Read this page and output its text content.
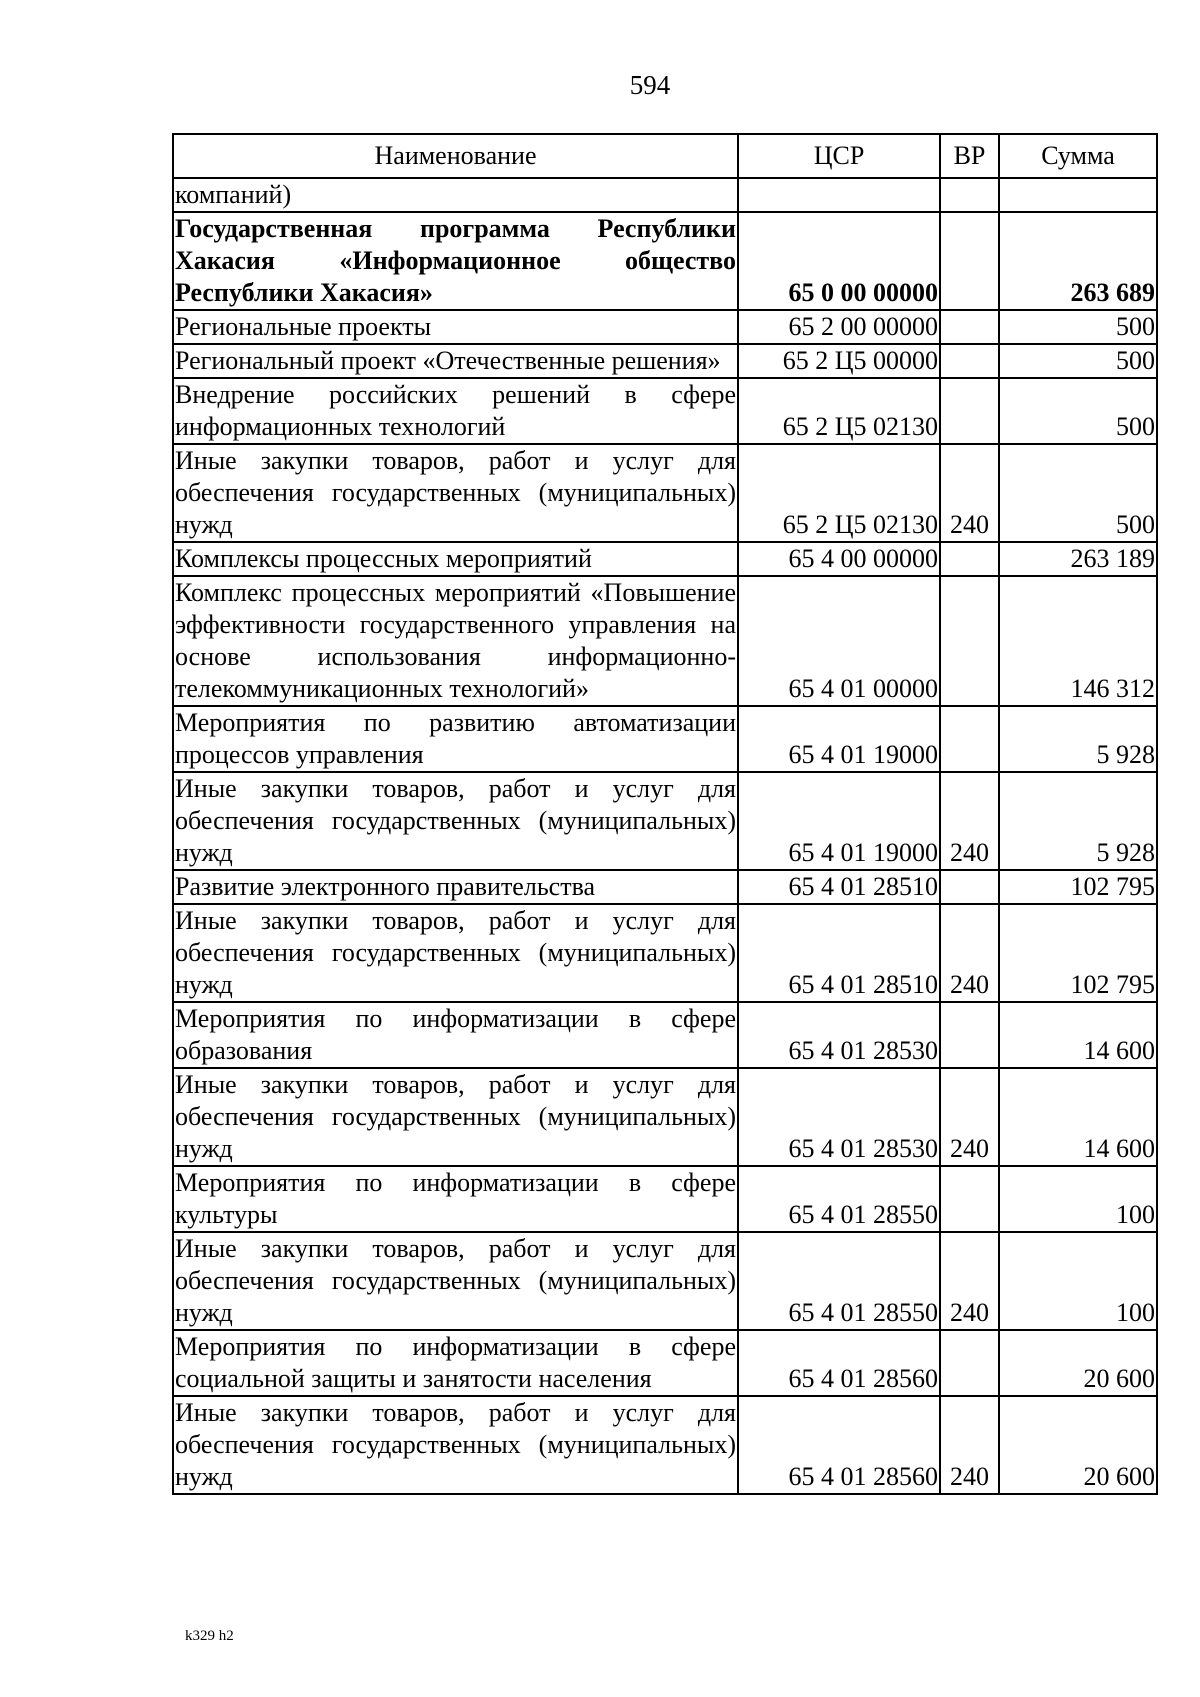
594
Наименование	ЦСР	ВР	Сумма
компаний)			
Государственная программа Республики Хакасия «Информационное общество Республики Хакасия»	65 0 00 00000		263 689
Региональные проекты	65 2 00 00000		500
Региональный проект «Отечественные решения»	65 2 Ц5 00000		500
Внедрение российских решений в сфере информационных технологий	65 2 Ц5 02130		500
Иные закупки товаров, работ и услуг для обеспечения государственных (муниципальных) нужд	65 2 Ц5 02130	240	500
Комплексы процессных мероприятий	65 4 00 00000		263 189
Комплекс процессных мероприятий «Повышение эффективности государственного управления на основе использования информационно-телекоммуникационных технологий»	65 4 01 00000		146 312
Мероприятия по развитию автоматизации процессов управления	65 4 01 19000		5 928
Иные закупки товаров, работ и услуг для обеспечения государственных (муниципальных) нужд	65 4 01 19000	240	5 928
Развитие электронного правительства	65 4 01 28510		102 795
Иные закупки товаров, работ и услуг для обеспечения государственных (муниципальных) нужд	65 4 01 28510	240	102 795
Мероприятия по информатизации в сфере образования	65 4 01 28530		14 600
Иные закупки товаров, работ и услуг для обеспечения государственных (муниципальных) нужд	65 4 01 28530	240	14 600
Мероприятия по информатизации в сфере культуры	65 4 01 28550		100
Иные закупки товаров, работ и услуг для обеспечения государственных (муниципальных) нужд	65 4 01 28550	240	100
Мероприятия по информатизации в сфере социальной защиты и занятости населения	65 4 01 28560		20 600
Иные закупки товаров, работ и услуг для обеспечения государственных (муниципальных) нужд	65 4 01 28560	240	20 600
k329 h2
